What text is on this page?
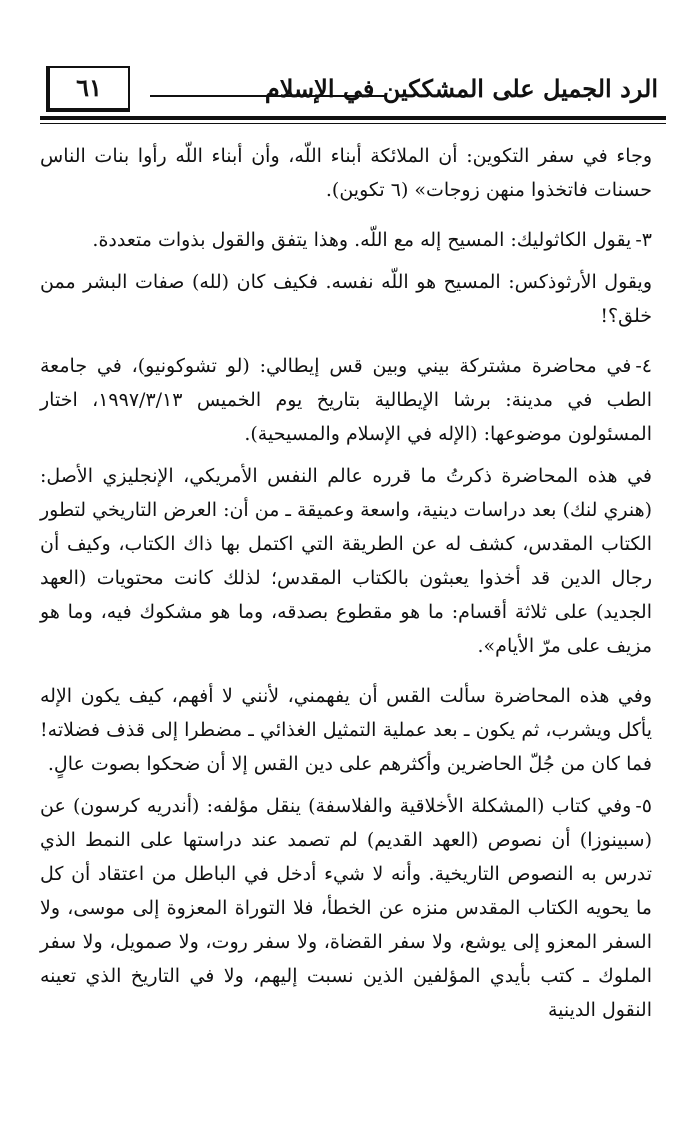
الرد الجميل على المشككين في الإسلام
٦١

وجاء في سفر التكوين: أن الملائكة أبناء اللّه، وأن أبناء اللّه رأوا بنات الناس حسنات فاتخذوا منهن زوجات» (٦ تكوين).

٣-يقول الكاثوليك: المسيح إله مع اللّه. وهذا يتفق والقول بذوات متعددة.

ويقول الأرثوذكس: المسيح هو اللّه نفسه. فكيف كان (لله) صفات البشر ممن خلق؟!

٤-في محاضرة مشتركة بيني وبين قس إيطالي: (لو تشوكونيو)، في جامعة الطب في مدينة: برشا الإيطالية بتاريخ يوم الخميس ١٩٩٧/٣/١٣، اختار المسئولون موضوعها: (الإله في الإسلام والمسيحية).

في هذه المحاضرة ذكرتُ ما قرره عالم النفس الأمريكي، الإنجليزي الأصل: (هنري لنك) بعد دراسات دينية، واسعة وعميقة ـ من أن: العرض التاريخي لتطور الكتاب المقدس، كشف له عن الطريقة التي اكتمل بها ذاك الكتاب، وكيف أن رجال الدين قد أخذوا يعبثون بالكتاب المقدس؛ لذلك كانت محتويات (العهد الجديد) على ثلاثة أقسام: ما هو مقطوع بصدقه، وما هو مشكوك فيه، وما هو مزيف على مرّ الأيام».

وفي هذه المحاضرة سألت القس أن يفهمني، لأنني لا أفهم، كيف يكون الإله يأكل ويشرب، ثم يكون ـ بعد عملية التمثيل الغذائي ـ مضطرا إلى قذف فضلاته! فما كان من جُلّ الحاضرين وأكثرهم على دين القس إلا أن ضحكوا بصوت عالٍ.

٥-وفي كتاب (المشكلة الأخلاقية والفلاسفة) ينقل مؤلفه: (أندريه كرسون) عن (سبينوزا) أن نصوص (العهد القديم) لم تصمد عند دراستها على النمط الذي تدرس به النصوص التاريخية. وأنه لا شيء أدخل في الباطل من اعتقاد أن كل ما يحويه الكتاب المقدس منزه عن الخطأ، فلا التوراة المعزوة إلى موسى، ولا السفر المعزو إلى يوشع، ولا سفر القضاة، ولا سفر روت، ولا صمويل، ولا سفر الملوك ـ كتب بأيدي المؤلفين الذين نسبت إليهم، ولا في التاريخ الذي تعينه النقول الدينية
